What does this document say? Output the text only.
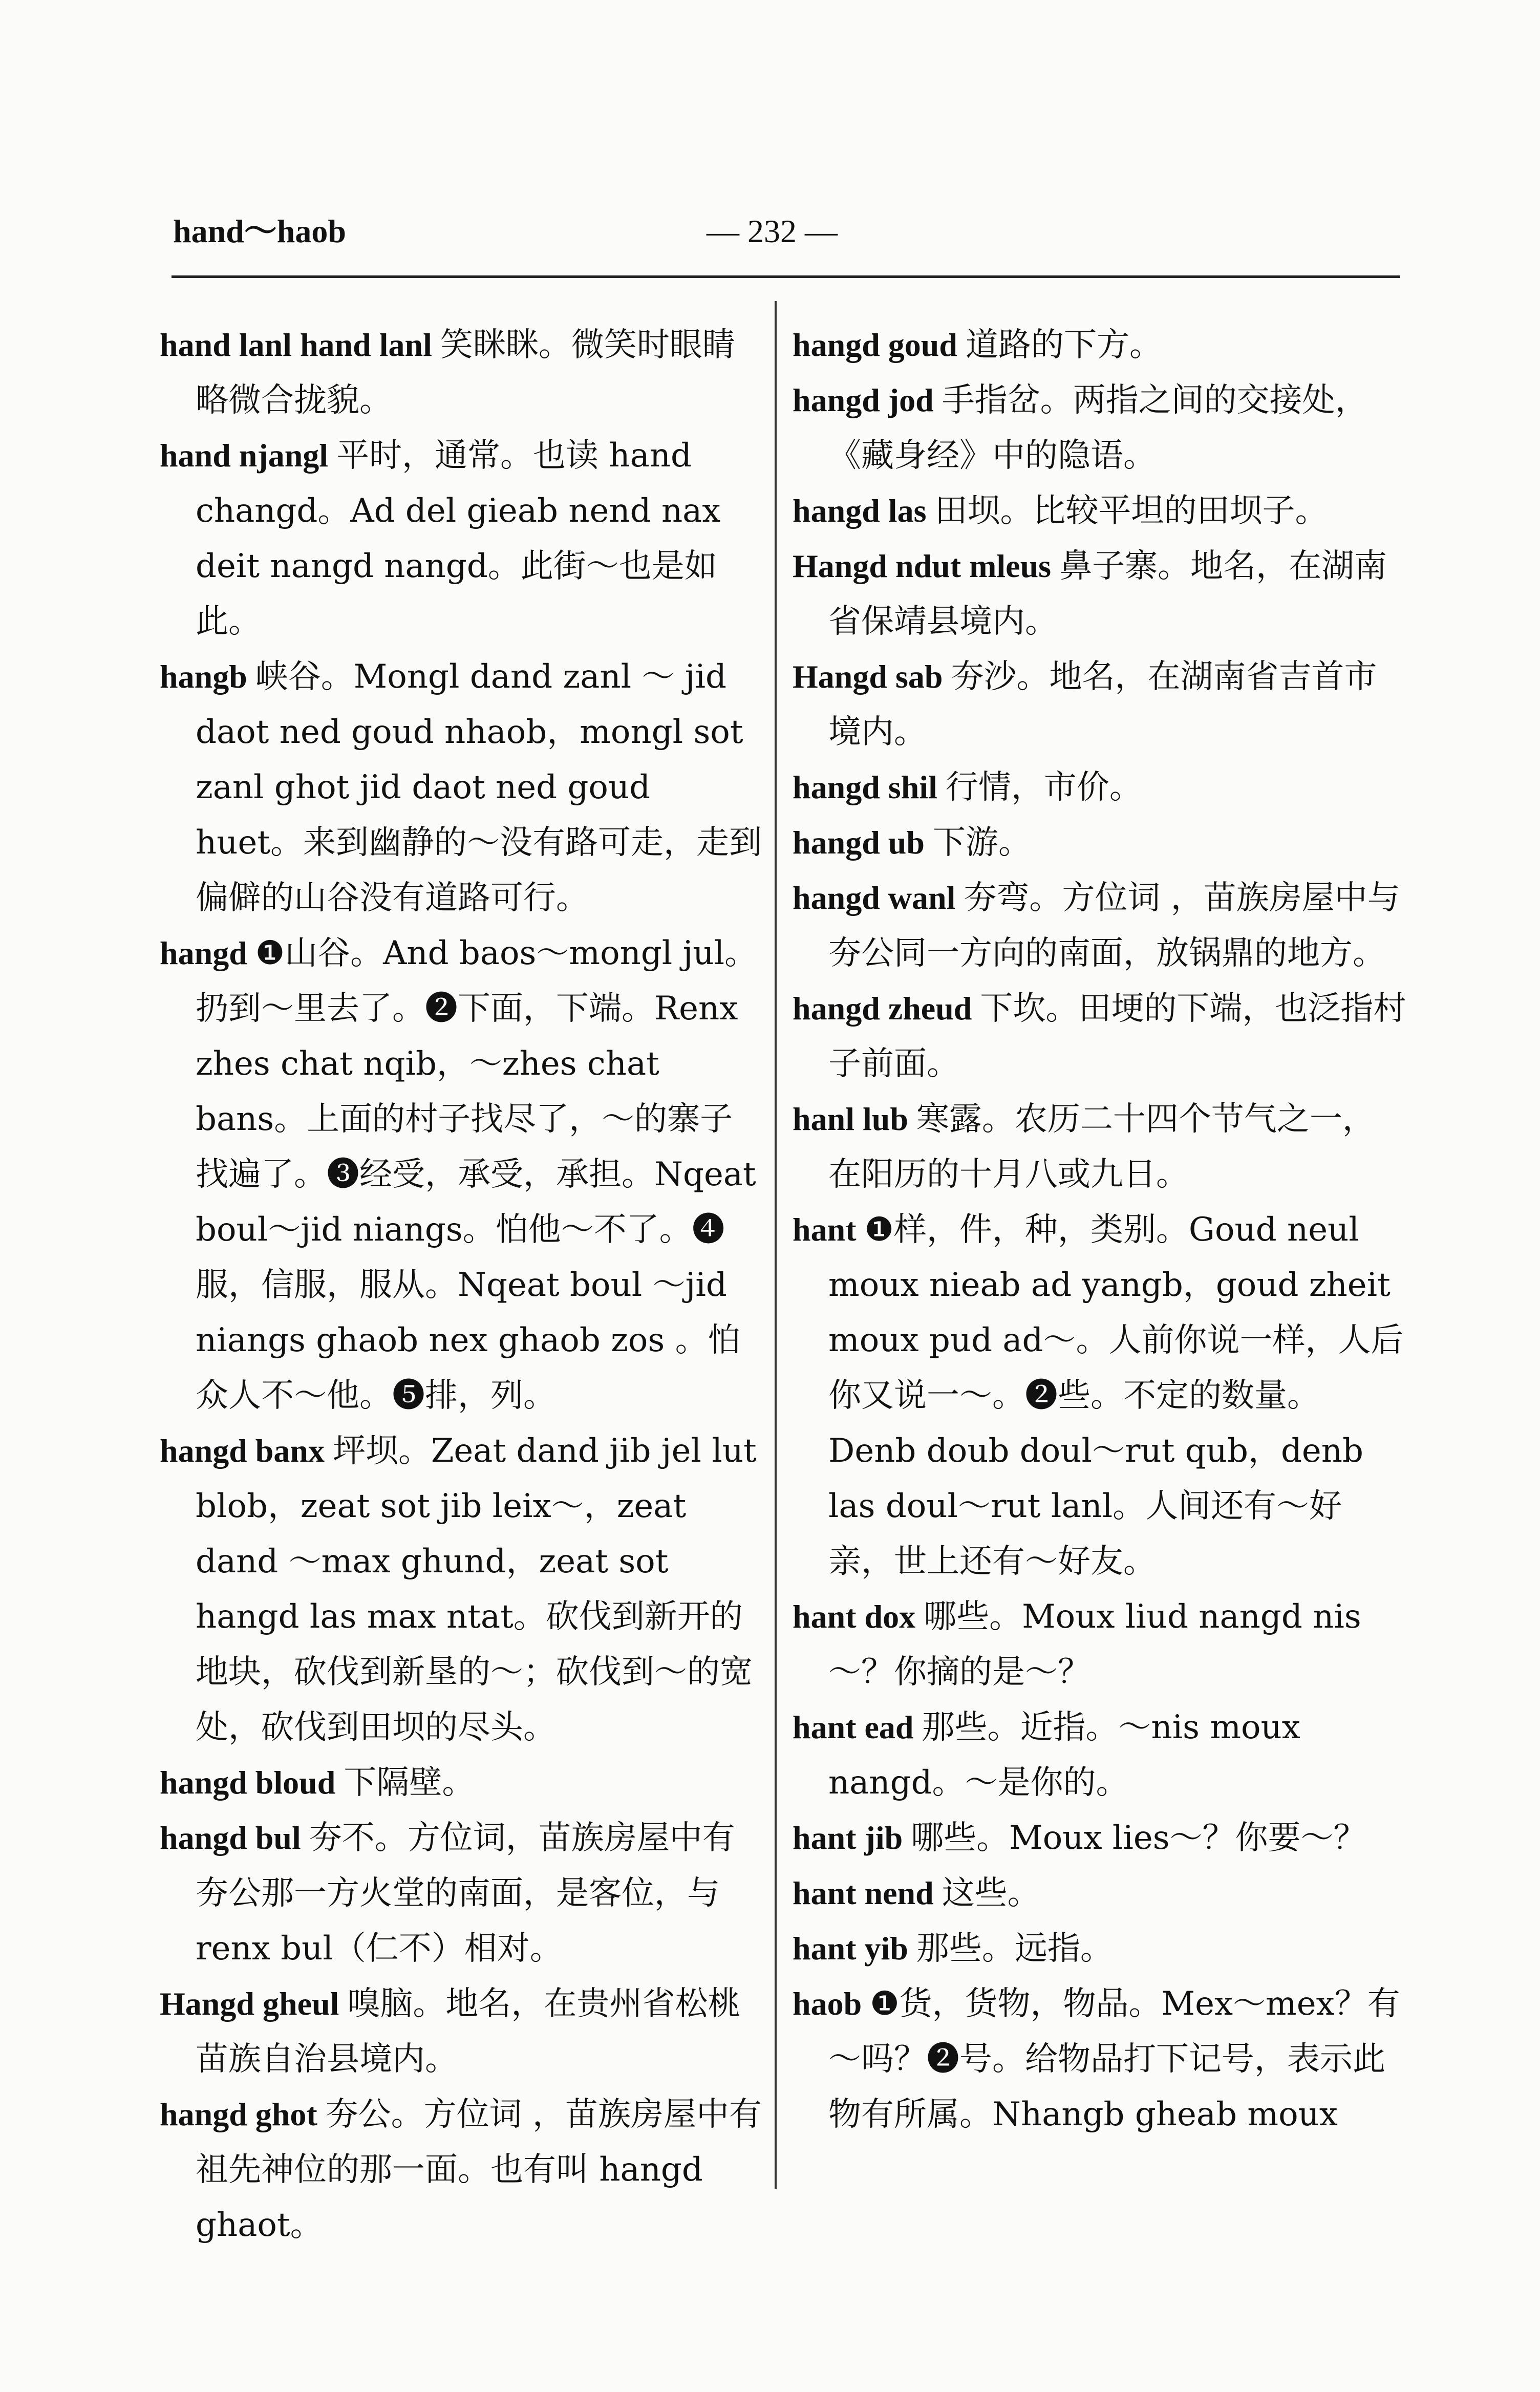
hand～haob	— 232 —
hand lanl hand lanl 笑眯眯。微笑时眼睛略微合拢貌。
hand njangl 平时，通常。也读 hand changd。Ad del gieab nend nax deit nangd nangd。此街～也是如此。
hangb 峡谷。Mongl dand zanl ～ jid daot ned goud nhaob，mongl sot zanl ghot jid daot ned goud huet。来到幽静的～没有路可走，走到偏僻的山谷没有道路可行。
hangd ❶山谷。And baos～mongl jul。扔到～里去了。❷下面，下端。Renx zhes chat nqib，～zhes chat bans。上面的村子找尽了，～的寨子找遍了。❸经受，承受，承担。Nqeat boul～jid niangs。怕他～不了。❹服，信服，服从。Nqeat boul ～jid niangs ghaob nex ghaob zos 。怕众人不～他。❺排，列。
hangd banx 坪坝。Zeat dand jib jel lut blob，zeat sot jib leix～，zeat dand ～max ghund，zeat sot hangd las max ntat。砍伐到新开的地块，砍伐到新垦的～；砍伐到～的宽处，砍伐到田坝的尽头。
hangd bloud 下隔壁。
hangd bul 夯不。方位词，苗族房屋中有夯公那一方火堂的南面，是客位，与 renx bul（仁不）相对。
Hangd gheul 嗅脑。地名，在贵州省松桃苗族自治县境内。
hangd ghot 夯公。方位词 ，苗族房屋中有祖先神位的那一面。也有叫 hangd ghaot。
hangd goud 道路的下方。
hangd jod 手指岔。两指之间的交接处，《藏身经》中的隐语。
hangd las 田坝。比较平坦的田坝子。
Hangd ndut mleus 鼻子寨。地名，在湖南省保靖县境内。
Hangd sab 夯沙。地名，在湖南省吉首市境内。
hangd shil 行情，市价。
hangd ub 下游。
hangd wanl 夯弯。方位词 ，苗族房屋中与夯公同一方向的南面，放锅鼎的地方。
hangd zheud 下坎。田埂的下端，也泛指村子前面。
hanl lub 寒露。农历二十四个节气之一，在阳历的十月八或九日。
hant ❶样，件，种，类别。Goud neul moux nieab ad yangb，goud zheit moux pud ad～。人前你说一样，人后你又说一～。❷些。不定的数量。Denb doub doul～rut qub，denb las doul～rut lanl。人间还有～好亲，世上还有～好友。
hant dox 哪些。Moux liud nangd nis ～？你摘的是～？
hant ead 那些。近指。～nis moux nangd。～是你的。
hant jib 哪些。Moux lies～？你要～？
hant nend 这些。
hant yib 那些。远指。
haob ❶货，货物，物品。Mex～mex？有～吗？❷号。给物品打下记号，表示此物有所属。Nhangb gheab moux
